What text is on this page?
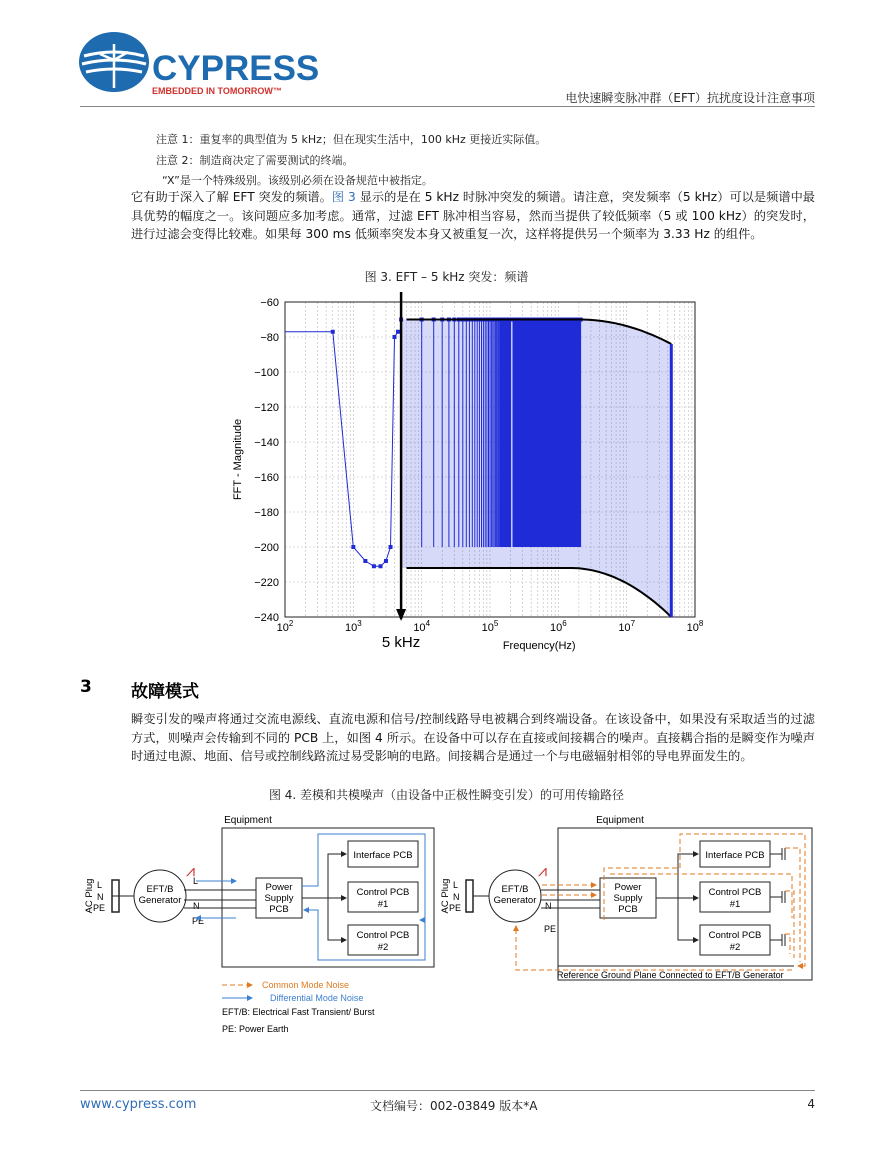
CYPRESS
EMBEDDED IN TOMORROW™	电快速瞬变脉冲群（EFT）抗扰度设计注意事项
注意 1：重复率的典型值为 5 kHz；但在现实生活中，100 kHz 更接近实际值。
注意 2：制造商决定了需要测试的终端。
“X”是一个特殊级别。该级别必须在设备规范中被指定。
它有助于深入了解 EFT 突发的频谱。图 3 显示的是在 5 kHz 时脉冲突发的频谱。请注意，突发频率（5 kHz）可以是频谱中最具优势的幅度之一。该问题应多加考虑。通常，过滤 EFT 脉冲相当容易，然而当提供了较低频率（5 或 100 kHz）的突发时，进行过滤会变得比较难。如果每 300 ms 低频率突发本身又被重复一次，这样将提供另一个频率为 3.33 Hz 的组件。
图 3. EFT – 5 kHz 突发：频谱
−60
−80
−100
−120
−140
−160
−180
−200
−220
−240
$10^2$	$10^3$	$10^4$	$10^5$	$10^6$	$10^7$	$10^8$
5 kHz	Frequency(Hz)
FFT - Magnitude
3 故障模式
瞬变引发的噪声将通过交流电源线、直流电源和信号/控制线路导电被耦合到终端设备。在该设备中，如果没有采取适当的过滤方式，则噪声会传输到不同的 PCB 上，如图 4 所示。在设备中可以存在直接或间接耦合的噪声。直接耦合指的是瞬变作为噪声时通过电源、地面、信号或控制线路流过易受影响的电路。间接耦合是通过一个与电磁辐射相邻的导电界面发生的。
图 4. 差模和共模噪声（由设备中正极性瞬变引发）的可用传输路径
Equipment
AC Plug L
N
PE
EFT/B
Generator
⩘
L
N
PE
Power
Supply
PCB
Interface PCB
Control PCB
#1
Control PCB
#2
Common Mode Noise
Differential Mode Noise
EFT/B: Electrical Fast Transient/ Burst
PE: Power Earth
Equipment
AC Plug L
N
PE
EFT/B
Generator
⩘
N
PE
Power
Supply
PCB
Interface PCB
Control PCB
#1
Control PCB
#2
Reference Ground Plane Connected to EFT/B Generator
www.cypress.com	文档编号：002-03849 版本*A	4
